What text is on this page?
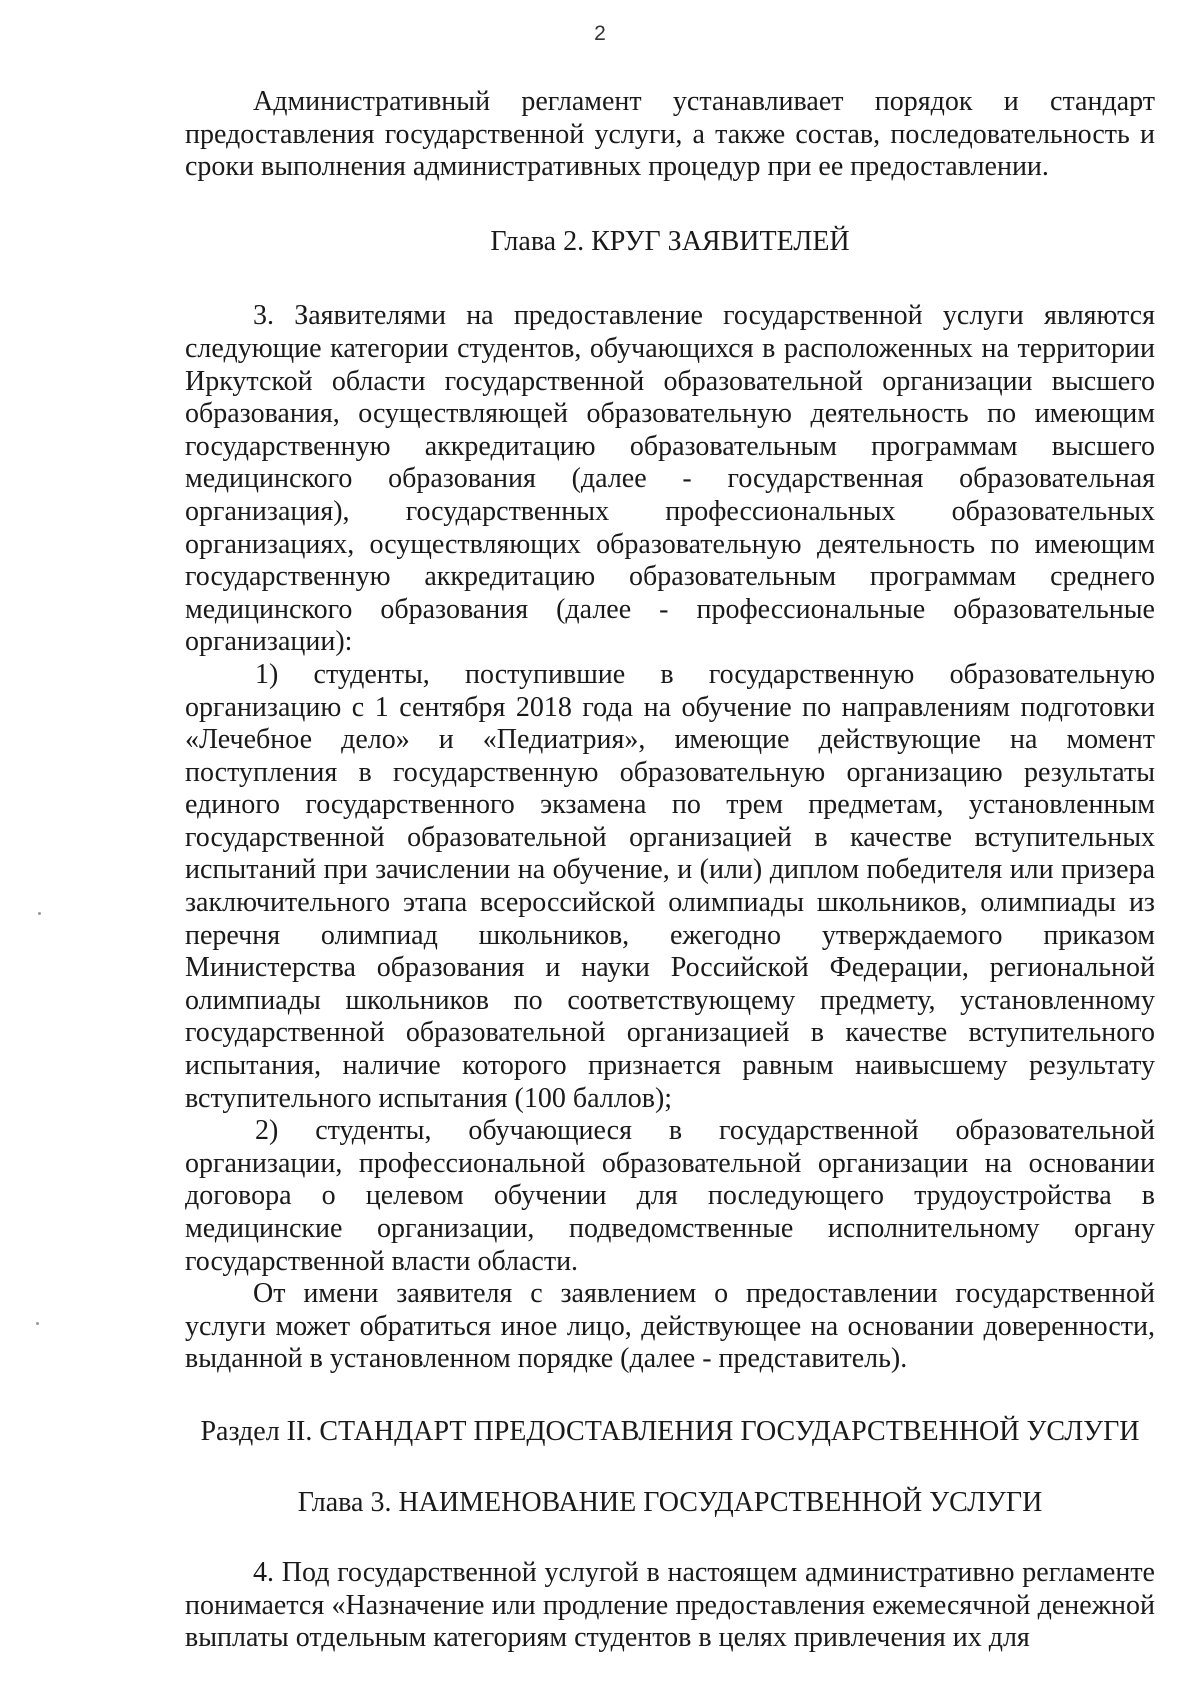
2

Административный регламент устанавливает порядок и стандарт предоставления государственной услуги, а также состав, последовательность и сроки выполнения административных процедур при ее предоставлении.

Глава 2. КРУГ ЗАЯВИТЕЛЕЙ

3. Заявителями на предоставление государственной услуги являются следующие категории студентов, обучающихся в расположенных на территории Иркутской области государственной образовательной организации высшего образования, осуществляющей образовательную деятельность по имеющим государственную аккредитацию образовательным программам высшего медицинского образования (далее - государственная образовательная организация), государственных профессиональных образовательных организациях, осуществляющих образовательную деятельность по имеющим государственную аккредитацию образовательным программам среднего медицинского образования (далее - профессиональные образовательные организации):

1) студенты, поступившие в государственную образовательную организацию с 1 сентября 2018 года на обучение по направлениям подготовки «Лечебное дело» и «Педиатрия», имеющие действующие на момент поступления в государственную образовательную организацию результаты единого государственного экзамена по трем предметам, установленным государственной образовательной организацией в качестве вступительных испытаний при зачислении на обучение, и (или) диплом победителя или призера заключительного этапа всероссийской олимпиады школьников, олимпиады из перечня олимпиад школьников, ежегодно утверждаемого приказом Министерства образования и науки Российской Федерации, региональной олимпиады школьников по соответствующему предмету, установленному государственной образовательной организацией в качестве вступительного испытания, наличие которого признается равным наивысшему результату вступительного испытания (100 баллов);

2) студенты, обучающиеся в государственной образовательной организации, профессиональной образовательной организации на основании договора о целевом обучении для последующего трудоустройства в медицинские организации, подведомственные исполнительному органу государственной власти области.

От имени заявителя с заявлением о предоставлении государственной услуги может обратиться иное лицо, действующее на основании доверенности, выданной в установленном порядке (далее - представитель).

Раздел II. СТАНДАРТ ПРЕДОСТАВЛЕНИЯ ГОСУДАРСТВЕННОЙ УСЛУГИ
Глава 3. НАИМЕНОВАНИЕ ГОСУДАРСТВЕННОЙ УСЛУГИ

4. Под государственной услугой в настоящем административно регламенте понимается «Назначение или продление предоставления ежемесячной денежной выплаты отдельным категориям студентов в целях привлечения их для
